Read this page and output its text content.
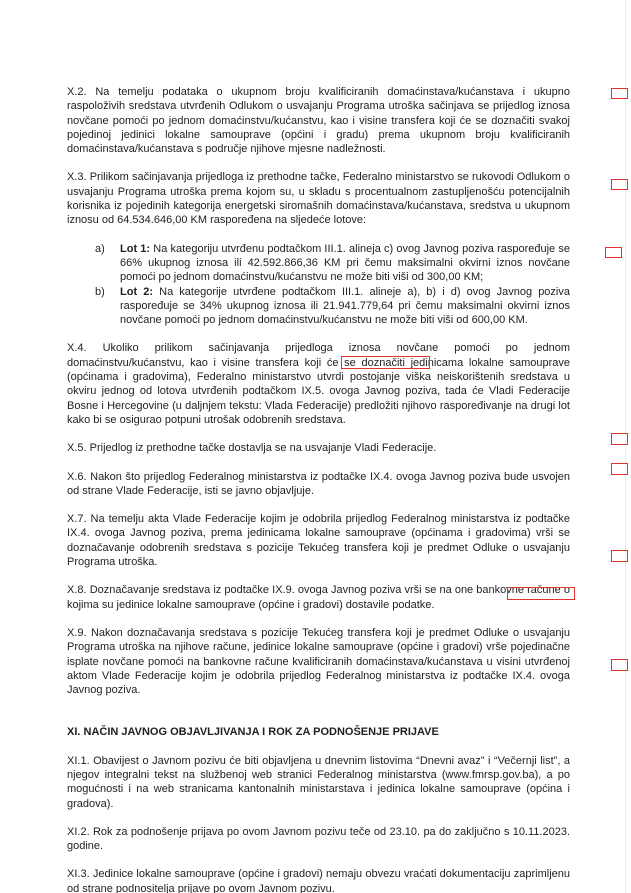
X.2. Na temelju podataka o ukupnom broju kvalificiranih domaćinstava/kućanstava i ukupno raspoloživih sredstava utvrđenih Odlukom o usvajanju Programa utroška sačinjava se prijedlog iznosa novčane pomoći po jednom domaćinstvu/kućanstvu, kao i visine transfera koji će se doznačiti svakoj pojedinoj jedinici lokalne samouprave (općini i gradu) prema ukupnom broju kvalificiranih domaćinstava/kućanstava s područje njihove mjesne nadležnosti.

X.3. Prilikom sačinjavanja prijedloga iz prethodne tačke, Federalno ministarstvo se rukovodi Odlukom o usvajanju Programa utroška prema kojom su, u skladu s procentualnom zastupljenošću potencijalnih korisnika iz pojedinih kategorija energetski siromašnih domaćinstava/kućanstava, sredstva u ukupnom iznosu od 64.534.646,00 KM raspoređena na sljedeće lotove:

a)	Lot 1: Na kategoriju utvrđenu podtačkom III.1. alineja c) ovog Javnog poziva raspoređuje se 66% ukupnog iznosa ili 42.592.866,36 KM pri čemu maksimalni okvirni iznos novčane pomoći po jednom domaćinstvu/kućanstvu ne može biti viši od 300,00 KM;
b)	Lot 2: Na kategorije utvrđene podtačkom III.1. alineje a), b) i d) ovog Javnog poziva raspoređuje se 34% ukupnog iznosa ili 21.941.779,64 pri čemu maksimalni okvirni iznos novčane pomoći po jednom domaćinstvu/kućanstvu ne može biti viši od 600,00 KM.

X.4. Ukoliko prilikom sačinjavanja prijedloga iznosa novčane pomoći po jednom domaćinstvu/kućanstvu, kao i visine transfera koji će se doznačiti jedinicama lokalne samouprave (općinama i gradovima), Federalno ministarstvo utvrdi postojanje viška neiskorištenih sredstava u okviru jednog od lotova utvrđenih podtačkom IX.5. ovoga Javnog poziva, tada će Vladi Federacije Bosne i Hercegovine (u daljnjem tekstu: Vlada Federacije) predložiti njihovo raspoređivanje na drugi lot kako bi se osigurao potpuni utrošak odobrenih sredstava.

X.5. Prijedlog iz prethodne tačke dostavlja se na usvajanje Vladi Federacije.

X.6. Nakon što prijedlog Federalnog ministarstva iz podtačke IX.4. ovoga Javnog poziva bude usvojen od strane Vlade Federacije, isti se javno objavljuje.

X.7. Na temelju akta Vlade Federacije kojim je odobrila prijedlog Federalnog ministarstva iz podtačke IX.4. ovoga Javnog poziva, prema jedinicama lokalne samouprave (općinama i gradovima) vrši se doznačavanje odobrenih sredstava s pozicije Tekućeg transfera koji je predmet Odluke o usvajanju Programa utroška.

X.8. Doznačavanje sredstava iz podtačke IX.9. ovoga Javnog poziva vrši se na one bankovne račune o kojima su jedinice lokalne samouprave (općine i gradovi) dostavile podatke.

X.9. Nakon doznačavanja sredstava s pozicije Tekućeg transfera koji je predmet Odluke o usvajanju Programa utroška na njihove račune, jedinice lokalne samouprave (općine i gradovi) vrše pojedinačne isplate novčane pomoći na bankovne račune kvalificiranih domaćinstava/kućanstava u visini utvrđenoj aktom Vlade Federacije kojim je odobrila prijedlog Federalnog ministarstva iz podtačke IX.4. ovoga Javnog poziva.

XI. NAČIN JAVNOG OBJAVLJIVANJA I ROK ZA PODNOŠENJE PRIJAVE

XI.1. Obavijest o Javnom pozivu će biti objavljena u dnevnim listovima “Dnevni avaz” i “Večernji list”, a njegov integralni tekst na službenoj web stranici Federalnog ministarstva (www.fmrsp.gov.ba), a po mogućnosti i na web stranicama kantonalnih ministarstava i jedinica lokalne samouprave (općina i gradova).

XI.2. Rok za podnošenje prijava po ovom Javnom pozivu teče od 23.10. pa do zaključno s 10.11.2023. godine.

XI.3. Jedinice lokalne samouprave (općine i gradovi) nemaju obvezu vraćati dokumentaciju zaprimljenu od strane podnositelja prijave po ovom Javnom pozivu.
